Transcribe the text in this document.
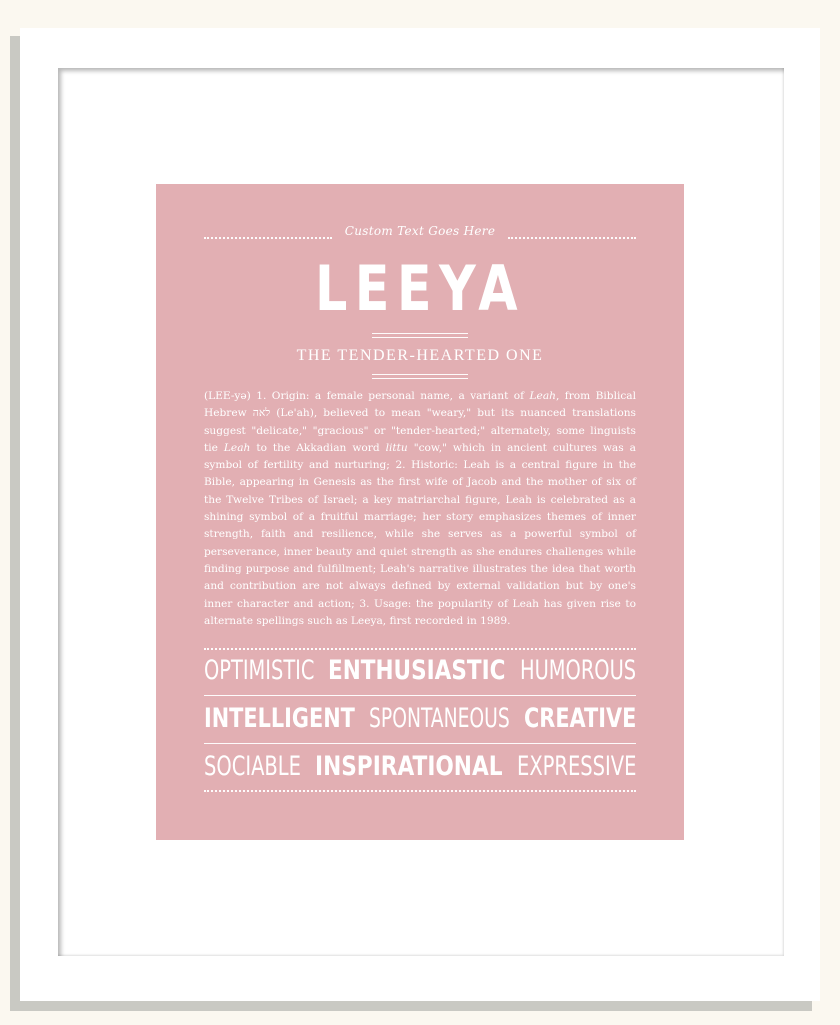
Custom Text Goes Here
LEEYA
THE TENDER-HEARTED ONE
(LEE-yə) 1. Origin: a female personal name, a variant of Leah, from Biblical Hebrew לאה (Le'ah), believed to mean "weary," but its nuanced translations suggest "delicate," "gracious" or "tender-hearted;" alternately, some linguists tie Leah to the Akkadian word littu "cow," which in ancient cultures was a symbol of fertility and nurturing; 2. Historic: Leah is a central figure in the Bible, appearing in Genesis as the first wife of Jacob and the mother of six of the Twelve Tribes of Israel; a key matriarchal figure, Leah is celebrated as a shining symbol of a fruitful marriage; her story emphasizes themes of inner strength, faith and resilience, while she serves as a powerful symbol of perseverance, inner beauty and quiet strength as she endures challenges while finding purpose and fulfillment; Leah's narrative illustrates the idea that worth and contribution are not always defined by external validation but by one's inner character and action; 3. Usage: the popularity of Leah has given rise to alternate spellings such as Leeya, first recorded in 1989.
OPTIMISTIC ENTHUSIASTIC HUMOROUS
INTELLIGENT SPONTANEOUS CREATIVE
SOCIABLE INSPIRATIONAL EXPRESSIVE
